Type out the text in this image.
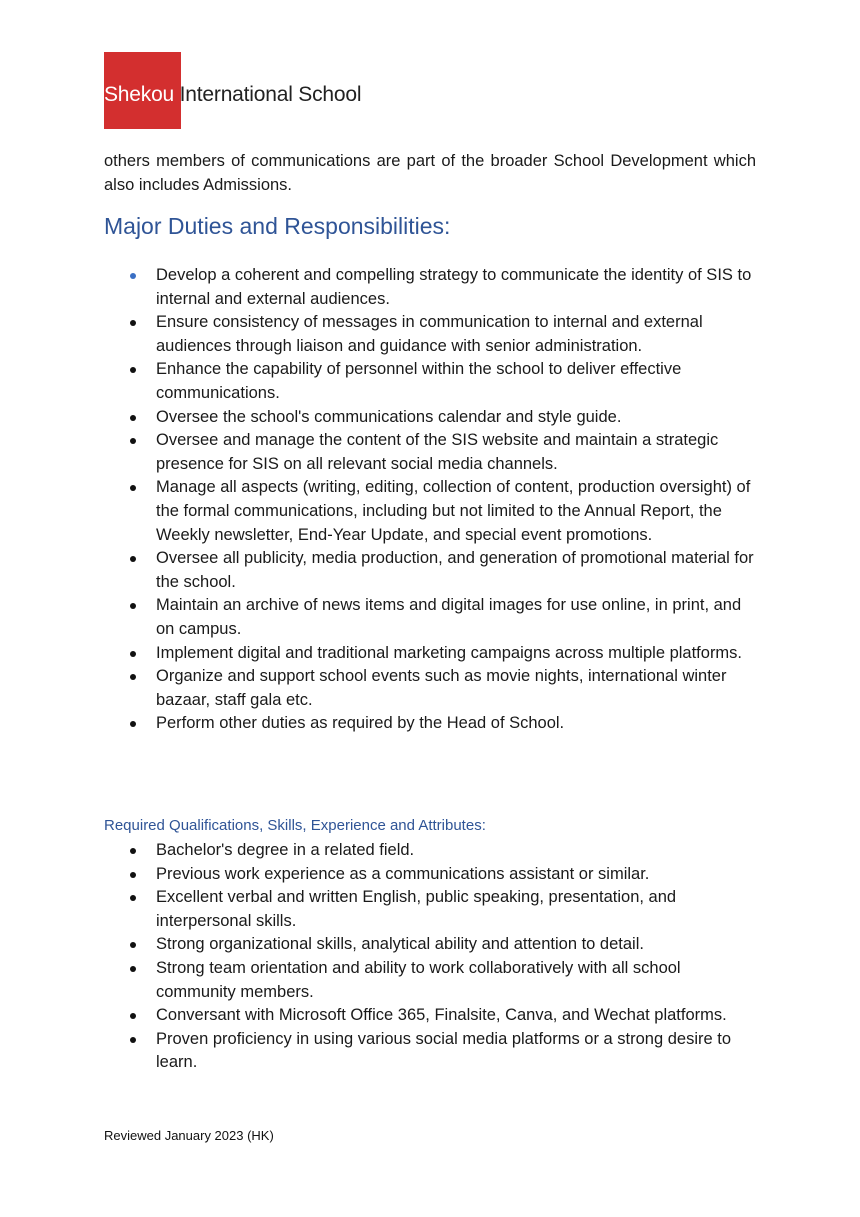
Shekou International School

others members of communications are part of the broader School Development which also includes Admissions.

Major Duties and Responsibilities:
Develop a coherent and compelling strategy to communicate the identity of SIS to internal and external audiences.
Ensure consistency of messages in communication to internal and external audiences through liaison and guidance with senior administration.
Enhance the capability of personnel within the school to deliver effective communications.
Oversee the school's communications calendar and style guide.
Oversee and manage the content of the SIS website and maintain a strategic presence for SIS on all relevant social media channels.
Manage all aspects (writing, editing, collection of content, production oversight) of the formal communications, including but not limited to the Annual Report, the Weekly newsletter, End-Year Update, and special event promotions.
Oversee all publicity, media production, and generation of promotional material for the school.
Maintain an archive of news items and digital images for use online, in print, and on campus.
Implement digital and traditional marketing campaigns across multiple platforms.
Organize and support school events such as movie nights, international winter bazaar, staff gala etc.
Perform other duties as required by the Head of School.
Required Qualifications, Skills, Experience and Attributes:
Bachelor's degree in a related field.
Previous work experience as a communications assistant or similar.
Excellent verbal and written English, public speaking, presentation, and interpersonal skills.
Strong organizational skills, analytical ability and attention to detail.
Strong team orientation and ability to work collaboratively with all school community members.
Conversant with Microsoft Office 365, Finalsite, Canva, and Wechat platforms.
Proven proficiency in using various social media platforms or a strong desire to learn.
Reviewed January 2023 (HK)
